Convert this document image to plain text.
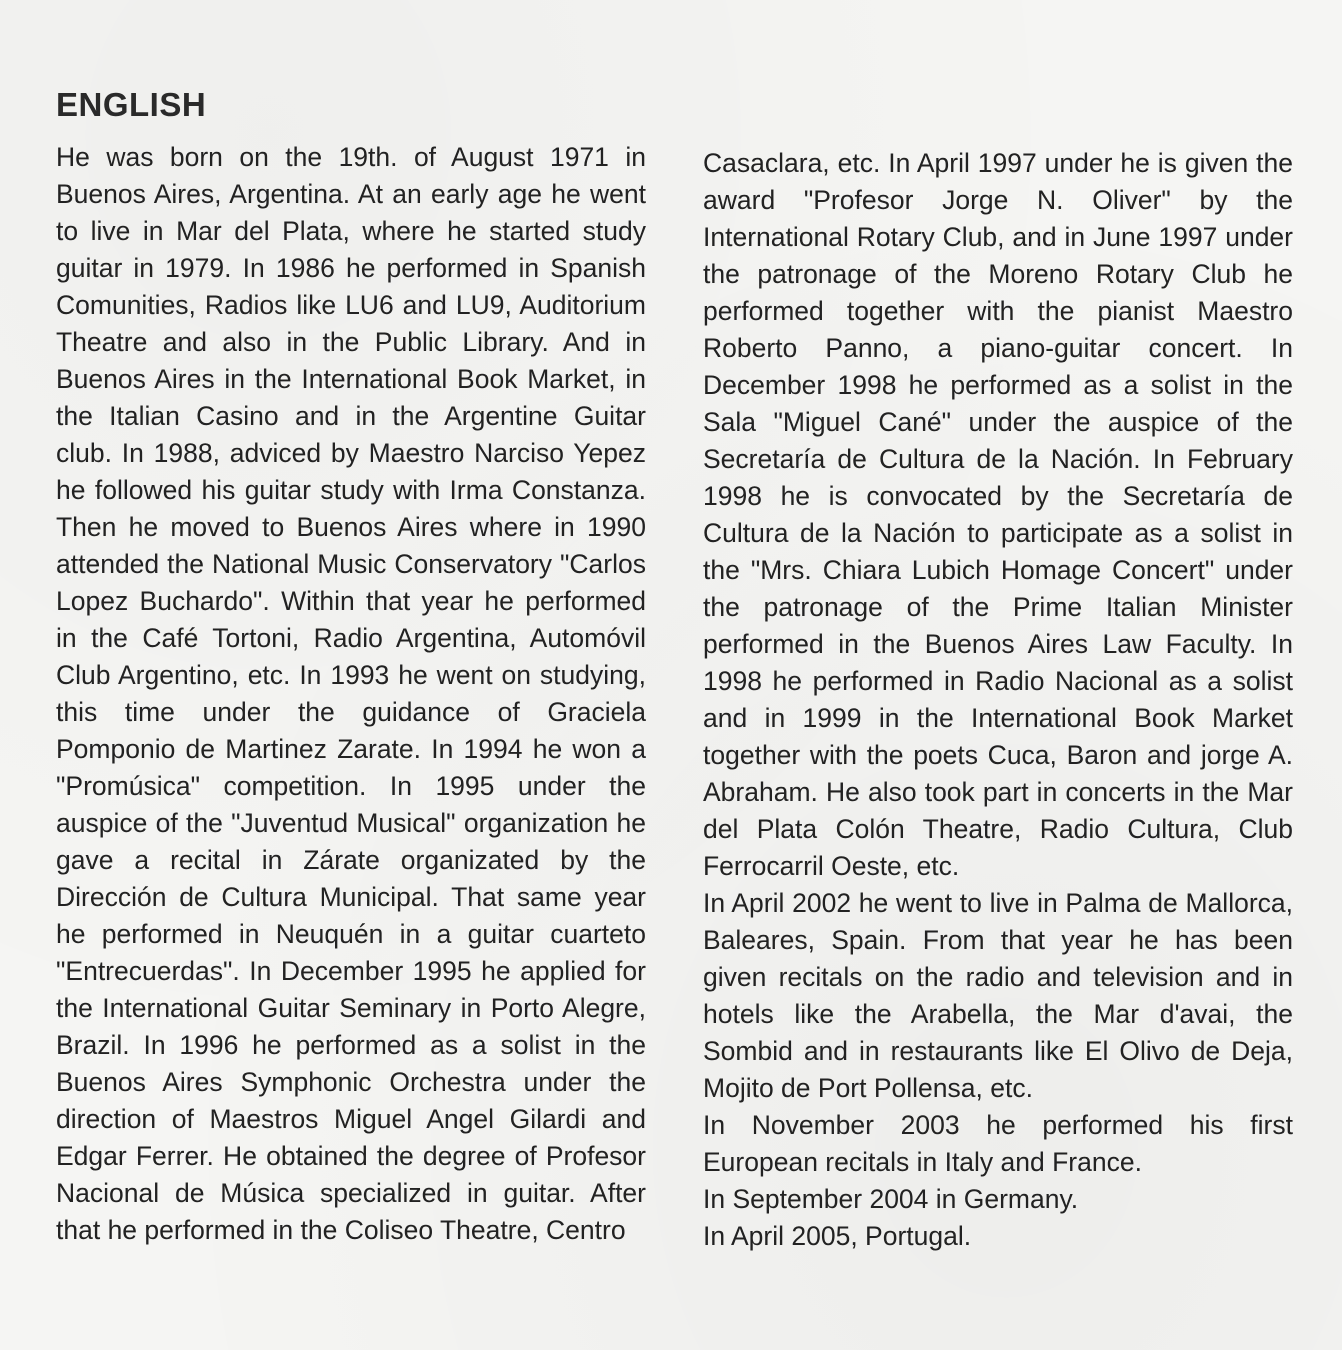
ENGLISH

He was born on the 19th. of August 1971 in Buenos Aires, Argentina. At an early age he went to live in Mar del Plata, where he started study guitar in 1979. In 1986 he performed in Spanish Comunities, Radios like LU6 and LU9, Auditorium Theatre and also in the Public Library. And in Buenos Aires in the International Book Market, in the Italian Casino and in the Argentine Guitar club. In 1988, adviced by Maestro Narciso Yepez he followed his guitar study with Irma Constanza. Then he moved to Buenos Aires where in 1990 attended the National Music Conservatory "Carlos Lopez Buchardo". Within that year he performed in the Café Tortoni, Radio Argentina, Automóvil Club Argentino, etc. In 1993 he went on studying, this time under the guidance of Graciela Pomponio de Martinez Zarate. In 1994 he won a "Promúsica" competition. In 1995 under the auspice of the "Juventud Musical" organization he gave a recital in Zárate organizated by the Dirección de Cultura Municipal. That same year he performed in Neuquén in a guitar cuarteto "Entrecuerdas". In December 1995 he applied for the International Guitar Seminary in Porto Alegre, Brazil. In 1996 he performed as a solist in the Buenos Aires Symphonic Orchestra under the direction of Maestros Miguel Angel Gilardi and Edgar Ferrer. He obtained the degree of Profesor Nacional de Música specialized in guitar. After that he performed in the Coliseo Theatre, Centro

Casaclara, etc. In April 1997 under he is given the award "Profesor Jorge N. Oliver" by the International Rotary Club, and in June 1997 under the patronage of the Moreno Rotary Club he performed together with the pianist Maestro Roberto Panno, a piano-guitar concert. In December 1998 he performed as a solist in the Sala "Miguel Cané" under the auspice of the Secretaría de Cultura de la Nación. In February 1998 he is convocated by the Secretaría de Cultura de la Nación to participate as a solist in the "Mrs. Chiara Lubich Homage Concert" under the patronage of the Prime Italian Minister performed in the Buenos Aires Law Faculty. In 1998 he performed in Radio Nacional as a solist and in 1999 in the International Book Market together with the poets Cuca, Baron and jorge A. Abraham. He also took part in concerts in the Mar del Plata Colón Theatre, Radio Cultura, Club Ferrocarril Oeste, etc.

In April 2002 he went to live in Palma de Mallorca, Baleares, Spain. From that year he has been given recitals on the radio and television and in hotels like the Arabella, the Mar d'avai, the Sombid and in restaurants like El Olivo de Deja, Mojito de Port Pollensa, etc.

In November 2003 he performed his first European recitals in Italy and France.

In September 2004 in Germany.

In April 2005, Portugal.
